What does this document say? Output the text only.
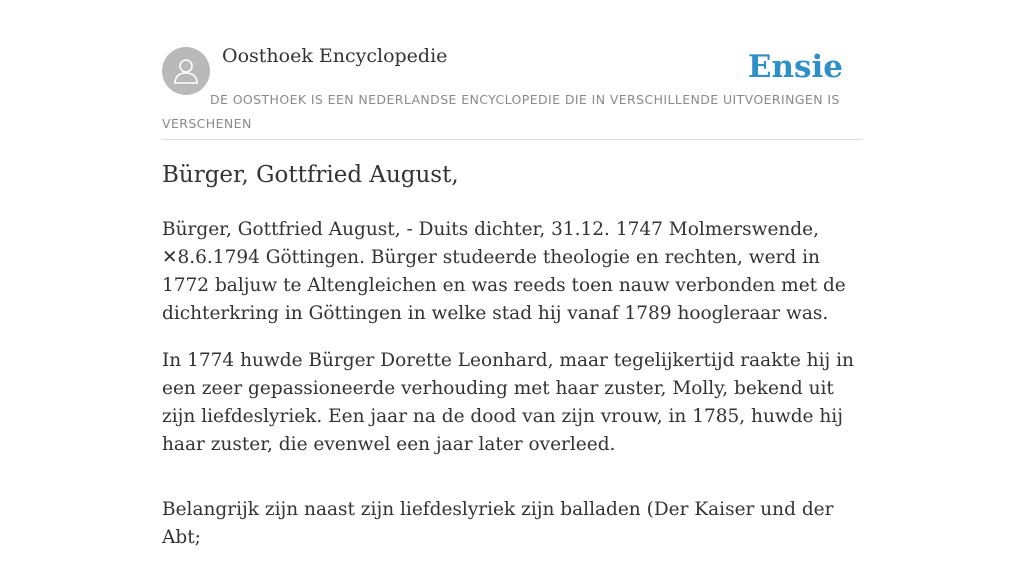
Oosthoek Encyclopedie	Ensie
DE OOSTHOEK IS EEN NEDERLANDSE ENCYCLOPEDIE DIE IN VERSCHILLENDE UITVOERINGEN IS VERSCHENEN
Bürger, Gottfried August,

Bürger, Gottfried August, - Duits dichter, 31.12. 1747 Molmerswende, ✕8.6.1794 Göttingen. Bürger studeerde theologie en rechten, werd in 1772 baljuw te Altengleichen en was reeds toen nauw verbonden met de dichterkring in Göttingen in welke stad hij vanaf 1789 hoogleraar was.

In 1774 huwde Bürger Dorette Leonhard, maar tegelijkertijd raakte hij in een zeer gepassioneerde verhouding met haar zuster, Molly, bekend uit zijn liefdeslyriek. Een jaar na de dood van zijn vrouw, in 1785, huwde hij haar zuster, die evenwel een jaar later overleed.

Belangrijk zijn naast zijn liefdeslyriek zijn balladen (Der Kaiser und der Abt;
